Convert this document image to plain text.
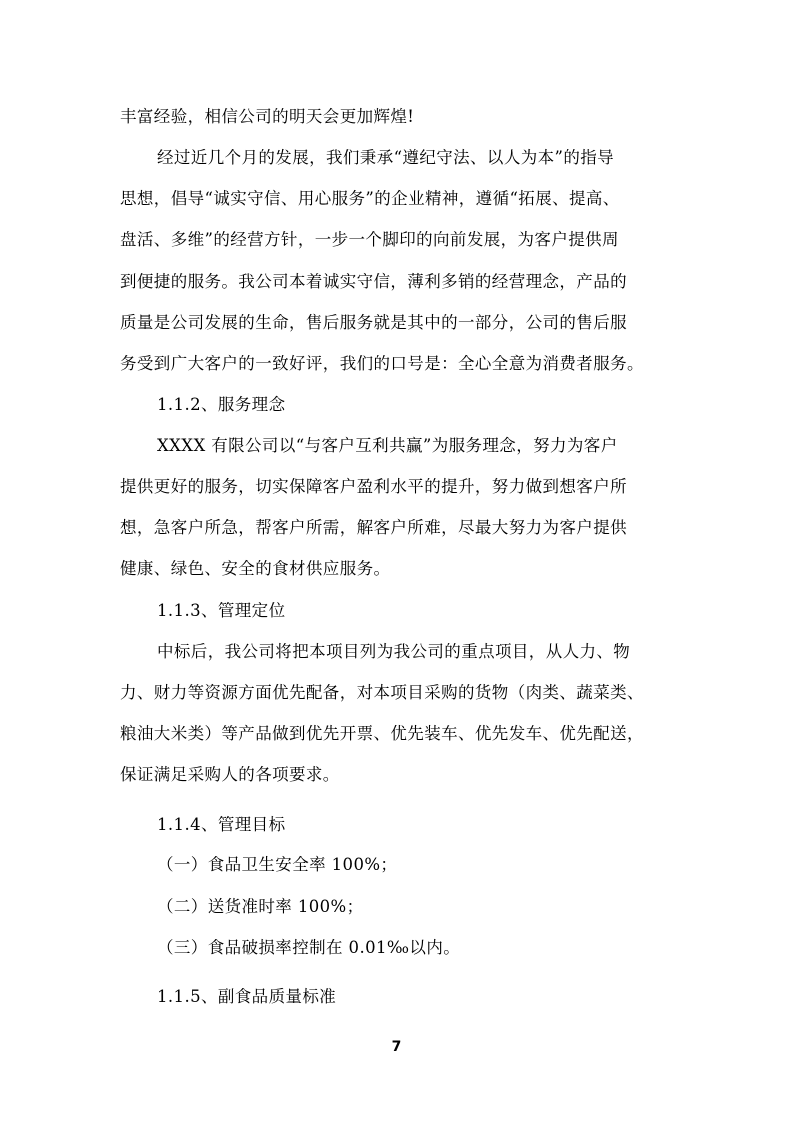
丰富经验，相信公司的明天会更加辉煌!
经过近几个月的发展，我们秉承“遵纪守法、以人为本”的指导
思想，倡导“诚实守信、用心服务”的企业精神，遵循“拓展、提高、
盘活、多维”的经营方针，一步一个脚印的向前发展，为客户提供周
到便捷的服务。我公司本着诚实守信，薄利多销的经营理念，产品的
质量是公司发展的生命，售后服务就是其中的一部分，公司的售后服
务受到广大客户的一致好评，我们的口号是：全心全意为消费者服务。
1.1.2、服务理念
XXXX 有限公司以“与客户互利共赢”为服务理念，努力为客户
提供更好的服务，切实保障客户盈利水平的提升，努力做到想客户所
想，急客户所急，帮客户所需，解客户所难，尽最大努力为客户提供
健康、绿色、安全的食材供应服务。
1.1.3、管理定位
中标后，我公司将把本项目列为我公司的重点项目，从人力、物
力、财力等资源方面优先配备，对本项目采购的货物（肉类、蔬菜类、
粮油大米类）等产品做到优先开票、优先装车、优先发车、优先配送，
保证满足采购人的各项要求。
1.1.4、管理目标
（一）食品卫生安全率 100%；
（二）送货准时率 100%；
（三）食品破损率控制在 0.01‰以内。
1.1.5、副食品质量标准
7
